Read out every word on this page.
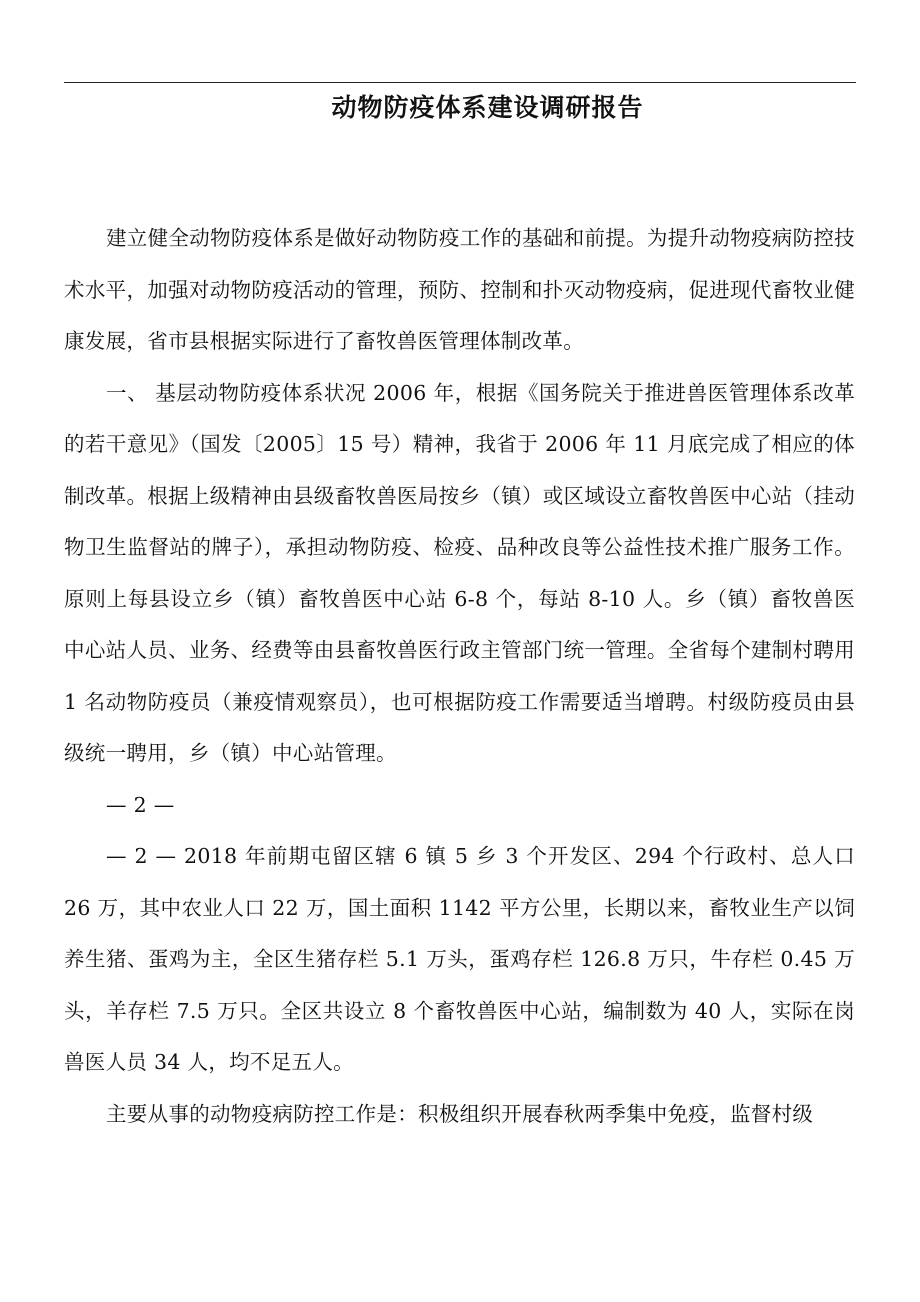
动物防疫体系建设调研报告

建立健全动物防疫体系是做好动物防疫工作的基础和前提。为提升动物疫病防控技术水平，加强对动物防疫活动的管理，预防、控制和扑灭动物疫病，促进现代畜牧业健康发展，省市县根据实际进行了畜牧兽医管理体制改革。

一、 基层动物防疫体系状况 2006 年，根据《国务院关于推进兽医管理体系改革的若干意见》（国发〔2005〕15 号）精神，我省于 2006 年 11 月底完成了相应的体制改革。根据上级精神由县级畜牧兽医局按乡（镇）或区域设立畜牧兽医中心站（挂动物卫生监督站的牌子），承担动物防疫、检疫、品种改良等公益性技术推广服务工作。原则上每县设立乡（镇）畜牧兽医中心站 6-8 个，每站 8-10 人。乡（镇）畜牧兽医中心站人员、业务、经费等由县畜牧兽医行政主管部门统一管理。全省每个建制村聘用 1 名动物防疫员（兼疫情观察员），也可根据防疫工作需要适当增聘。村级防疫员由县级统一聘用，乡（镇）中心站管理。

— 2 —

— 2 — 2018 年前期屯留区辖 6 镇 5 乡 3 个开发区、294 个行政村、总人口 26 万，其中农业人口 22 万，国土面积 1142 平方公里，长期以来，畜牧业生产以饲养生猪、蛋鸡为主，全区生猪存栏 5.1 万头，蛋鸡存栏 126.8 万只，牛存栏 0.45 万头，羊存栏 7.5 万只。全区共设立 8 个畜牧兽医中心站，编制数为 40 人，实际在岗兽医人员 34 人，均不足五人。

主要从事的动物疫病防控工作是：积极组织开展春秋两季集中免疫，监督村级
